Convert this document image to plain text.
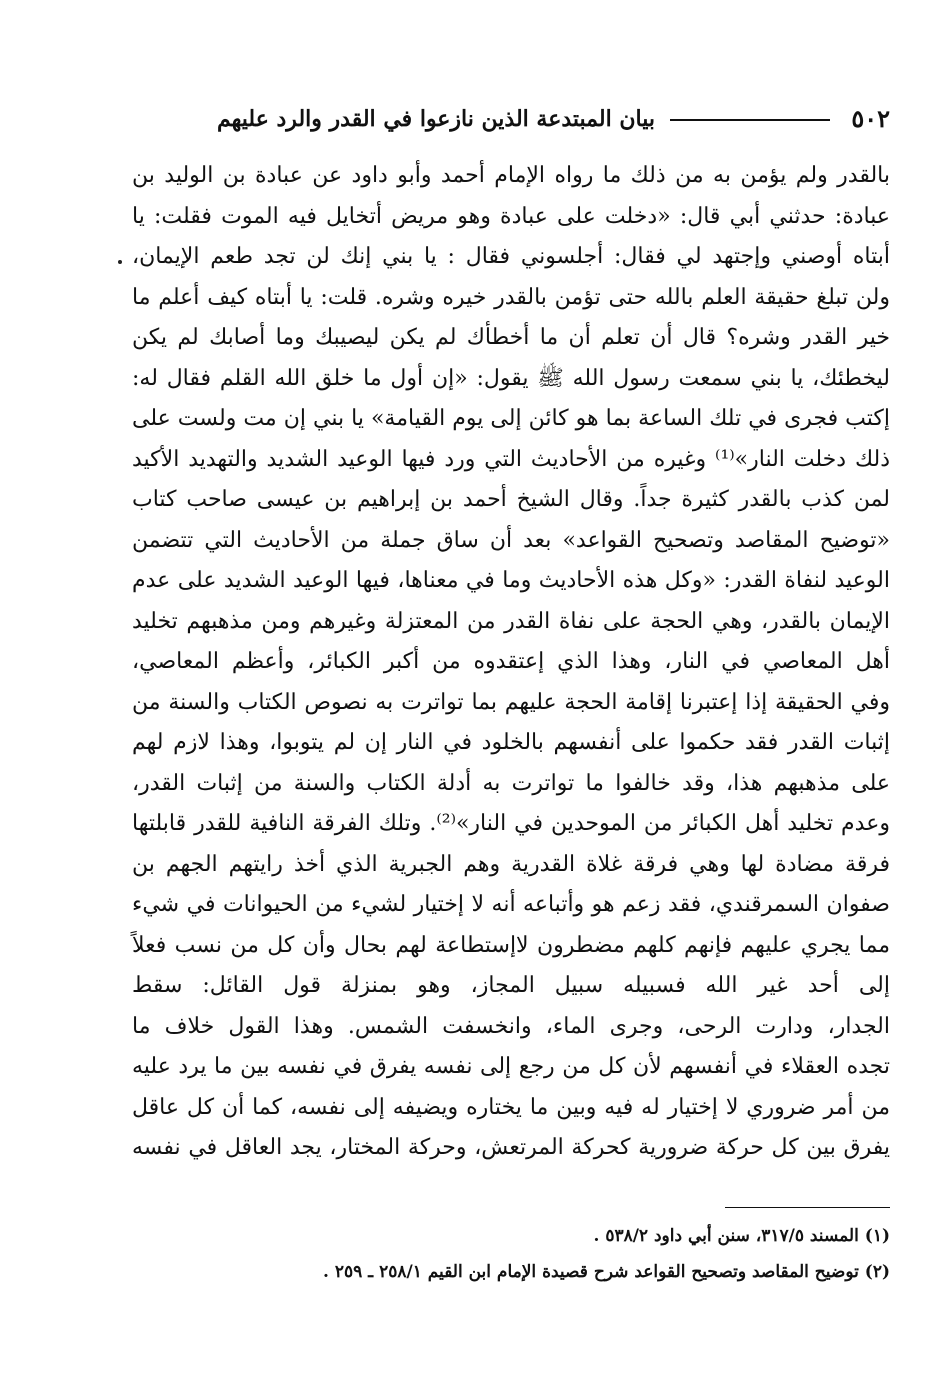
٥٠٢
بيان المبتدعة الذين نازعوا في القدر والرد عليهم
بالقدر ولم يؤمن به من ذلك ما رواه الإمام أحمد وأبو داود عن عبادة بن الوليد بن
عبادة: حدثني أبي قال: «دخلت على عبادة وهو مريض أتخايل فيه الموت فقلت: يا
أبتاه أوصني وإجتهد لي فقال: أجلسوني فقال : يا بني إنك لن تجد طعم الإيمان،
ولن تبلغ حقيقة العلم بالله حتى تؤمن بالقدر خيره وشره. قلت: يا أبتاه كيف أعلم ما
خير القدر وشره؟ قال أن تعلم أن ما أخطأك لم يكن ليصيبك وما أصابك لم يكن
ليخطئك، يا بني سمعت رسول الله ﷺ يقول: «إن أول ما خلق الله القلم فقال له:
إكتب فجرى في تلك الساعة بما هو كائن إلى يوم القيامة» يا بني إن مت ولست على
ذلك دخلت النار»⁽¹⁾ وغيره من الأحاديث التي ورد فيها الوعيد الشديد والتهديد الأكيد
لمن كذب بالقدر كثيرة جداً. وقال الشيخ أحمد بن إبراهيم بن عيسى صاحب كتاب
«توضيح المقاصد وتصحيح القواعد» بعد أن ساق جملة من الأحاديث التي تتضمن
الوعيد لنفاة القدر: «وكل هذه الأحاديث وما في معناها، فيها الوعيد الشديد على عدم
الإيمان بالقدر، وهي الحجة على نفاة القدر من المعتزلة وغيرهم ومن مذهبهم تخليد
أهل المعاصي في النار، وهذا الذي إعتقدوه من أكبر الكبائر، وأعظم المعاصي،
وفي الحقيقة إذا إعتبرنا إقامة الحجة عليهم بما تواترت به نصوص الكتاب والسنة من
إثبات القدر فقد حكموا على أنفسهم بالخلود في النار إن لم يتوبوا، وهذا لازم لهم
على مذهبهم هذا، وقد خالفوا ما تواترت به أدلة الكتاب والسنة من إثبات القدر،
وعدم تخليد أهل الكبائر من الموحدين في النار»⁽²⁾. وتلك الفرقة النافية للقدر قابلتها
فرقة مضادة لها وهي فرقة غلاة القدرية وهم الجبرية الذي أخذ رايتهم الجهم بن
صفوان السمرقندي، فقد زعم هو وأتباعه أنه لا إختيار لشيء من الحيوانات في شيء
مما يجري عليهم فإنهم كلهم مضطرون لاإستطاعة لهم بحال وأن كل من نسب فعلاً
إلى أحد غير الله فسبيله سبيل المجاز، وهو بمنزلة قول القائل: سقط
الجدار، ودارت الرحى، وجرى الماء، وانخسفت الشمس. وهذا القول خلاف ما
تجده العقلاء في أنفسهم لأن كل من رجع إلى نفسه يفرق في نفسه بين ما يرد عليه
من أمر ضروري لا إختيار له فيه وبين ما يختاره ويضيفه إلى نفسه، كما أن كل عاقل
يفرق بين كل حركة ضرورية كحركة المرتعش، وحركة المختار، يجد العاقل في نفسه
(١) المسند ٣١٧/٥، سنن أبي داود ٥٣٨/٢ .
(٢) توضيح المقاصد وتصحيح القواعد شرح قصيدة الإمام ابن القيم ٢٥٨/١ ـ ٢٥٩ .
